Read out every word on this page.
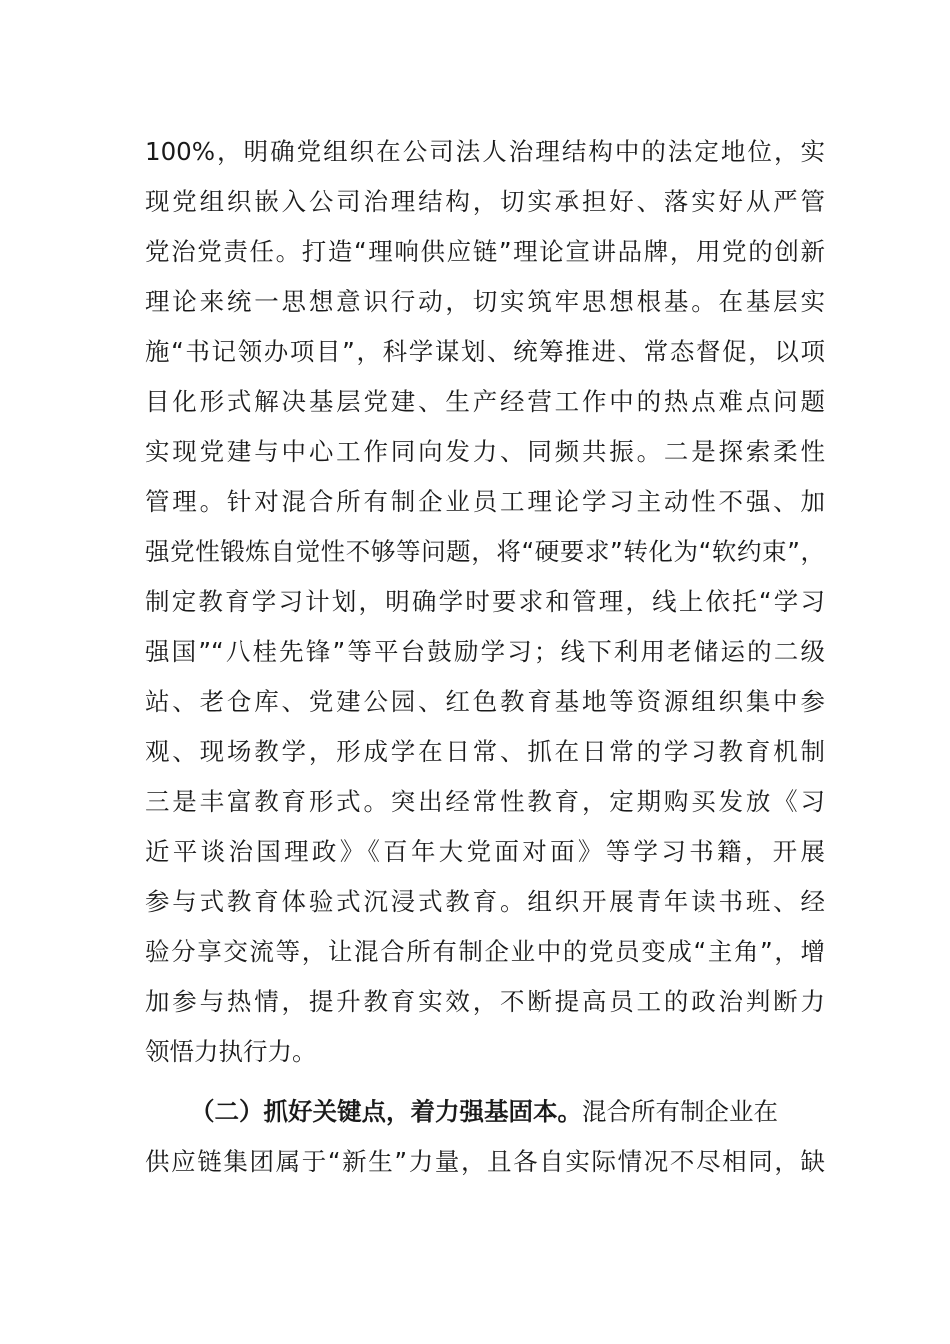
100%，明确党组织在公司法人治理结构中的法定地位，实
现党组织嵌入公司治理结构，切实承担好、落实好从严管
党治党责任。打造“理响供应链”理论宣讲品牌，用党的创新
理论来统一思想意识行动，切实筑牢思想根基。在基层实
施“书记领办项目”，科学谋划、统筹推进、常态督促，以项
目化形式解决基层党建、生产经营工作中的热点难点问题
实现党建与中心工作同向发力、同频共振。二是探索柔性
管理。针对混合所有制企业员工理论学习主动性不强、加
强党性锻炼自觉性不够等问题，将“硬要求”转化为“软约束”，
制定教育学习计划，明确学时要求和管理，线上依托“学习
强国”“八桂先锋”等平台鼓励学习；线下利用老储运的二级
站、老仓库、党建公园、红色教育基地等资源组织集中参
观、现场教学，形成学在日常、抓在日常的学习教育机制
三是丰富教育形式。突出经常性教育，定期购买发放《习
近平谈治国理政》《百年大党面对面》等学习书籍，开展
参与式教育体验式沉浸式教育。组织开展青年读书班、经
验分享交流等，让混合所有制企业中的党员变成“主角”，增
加参与热情，提升教育实效，不断提高员工的政治判断力
领悟力执行力。
（二）抓好关键点，着力强基固本。混合所有制企业在
供应链集团属于“新生”力量，且各自实际情况不尽相同，缺
